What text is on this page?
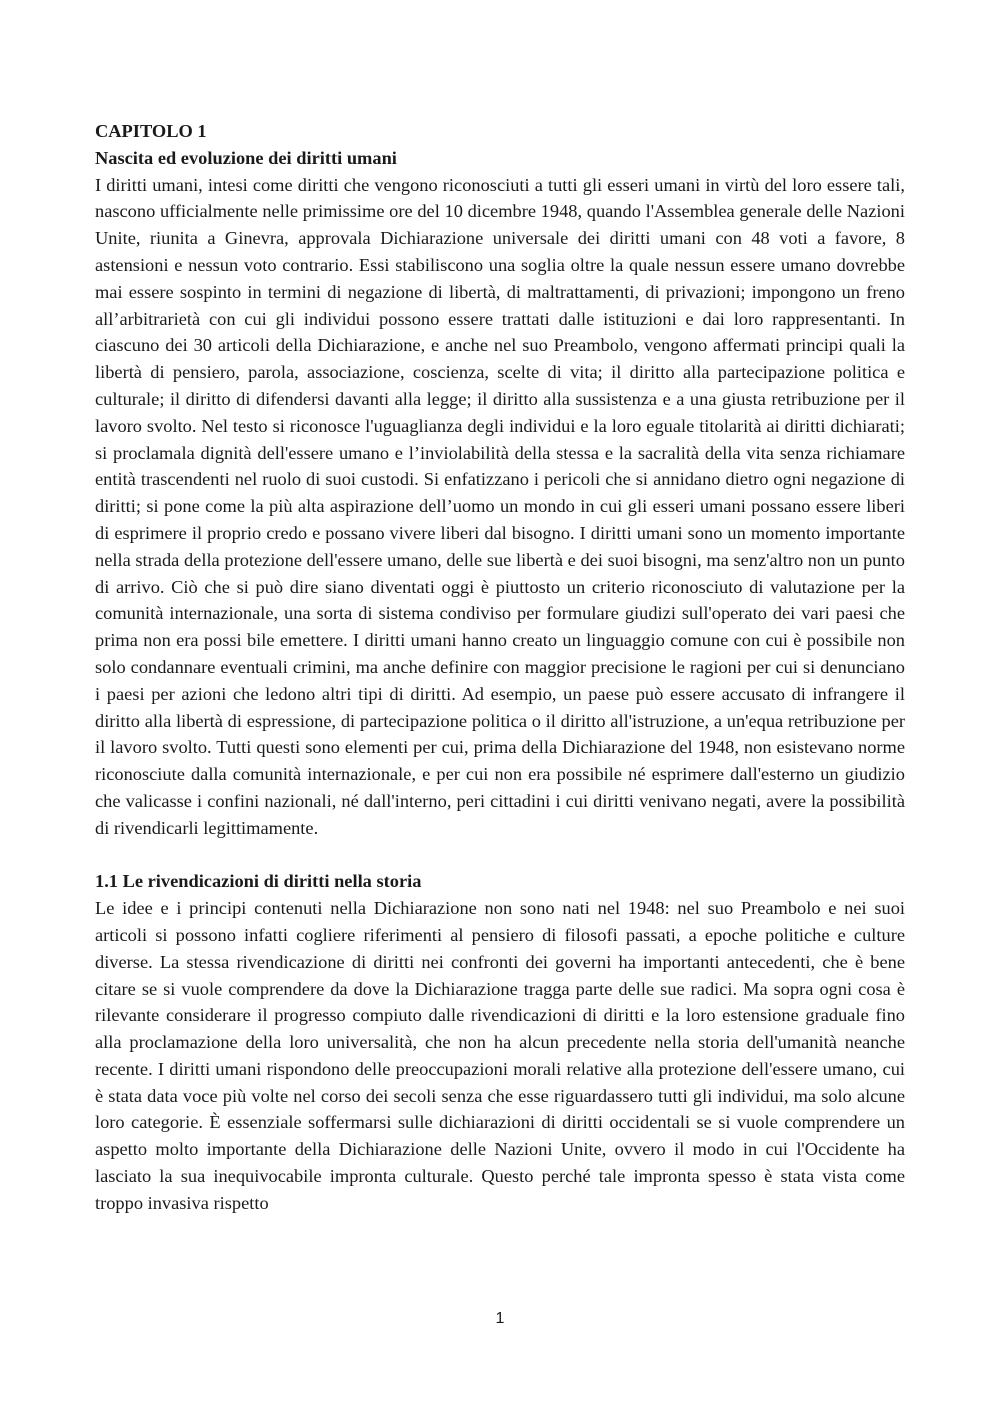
CAPITOLO 1
Nascita ed evoluzione dei diritti umani

I diritti umani, intesi come diritti che vengono riconosciuti a tutti gli esseri umani in virtù del loro essere tali, nascono ufficialmente nelle primissime ore del 10 dicembre 1948, quando l'Assemblea generale delle Nazioni Unite, riunita a Ginevra, approvala Dichiarazione universale dei diritti umani con 48 voti a favore, 8 astensioni e nessun voto contrario. Essi stabiliscono una soglia oltre la quale nessun essere umano dovrebbe mai essere sospinto in termini di negazione di libertà, di maltrattamenti, di privazioni; impongono un freno all’arbitrarietà con cui gli individui possono essere trattati dalle istituzioni e dai loro rappresentanti. In ciascuno dei 30 articoli della Dichiarazione, e anche nel suo Preambolo, vengono affermati principi quali la libertà di pensiero, parola, associazione, coscienza, scelte di vita; il diritto alla partecipazione politica e culturale; il diritto di difendersi davanti alla legge; il diritto alla sussistenza e a una giusta retribuzione per il lavoro svolto. Nel testo si riconosce l'uguaglianza degli individui e la loro eguale titolarità ai diritti dichiarati; si proclamala dignità dell'essere umano e l’inviolabilità della stessa e la sacralità della vita senza richiamare entità trascendenti nel ruolo di suoi custodi. Si enfatizzano i pericoli che si annidano dietro ogni negazione di diritti; si pone come la più alta aspirazione dell’uomo un mondo in cui gli esseri umani possano essere liberi di esprimere il proprio credo e possano vivere liberi dal bisogno. I diritti umani sono un momento importante nella strada della protezione dell'essere umano, delle sue libertà e dei suoi bisogni, ma senz'altro non un punto di arrivo. Ciò che si può dire siano diventati oggi è piuttosto un criterio riconosciuto di valutazione per la comunità internazionale, una sorta di sistema condiviso per formulare giudizi sull'operato dei vari paesi che prima non era possi bile emettere. I diritti umani hanno creato un linguaggio comune con cui è possibile non solo condannare eventuali crimini, ma anche definire con maggior precisione le ragioni per cui si denunciano i paesi per azioni che ledono altri tipi di diritti. Ad esempio, un paese può essere accusato di infrangere il diritto alla libertà di espressione, di partecipazione politica o il diritto all'istruzione, a un'equa retribuzione per il lavoro svolto. Tutti questi sono elementi per cui, prima della Dichiarazione del 1948, non esistevano norme riconosciute dalla comunità internazionale, e per cui non era possibile né esprimere dall'esterno un giudizio che valicasse i confini nazionali, né dall'interno, peri cittadini i cui diritti venivano negati, avere la possibilità di rivendicarli legittimamente.

1.1 Le rivendicazioni di diritti nella storia

Le idee e i principi contenuti nella Dichiarazione non sono nati nel 1948: nel suo Preambolo e nei suoi articoli si possono infatti cogliere riferimenti al pensiero di filosofi passati, a epoche politiche e culture diverse. La stessa rivendicazione di diritti nei confronti dei governi ha importanti antecedenti, che è bene citare se si vuole comprendere da dove la Dichiarazione tragga parte delle sue radici. Ma sopra ogni cosa è rilevante considerare il progresso compiuto dalle rivendicazioni di diritti e la loro estensione graduale fino alla proclamazione della loro universalità, che non ha alcun precedente nella storia dell'umanità neanche recente. I diritti umani rispondono delle preoccupazioni morali relative alla protezione dell'essere umano, cui è stata data voce più volte nel corso dei secoli senza che esse riguardassero tutti gli individui, ma solo alcune loro categorie. È essenziale soffermarsi sulle dichiarazioni di diritti occidentali se si vuole comprendere un aspetto molto importante della Dichiarazione delle Nazioni Unite, ovvero il modo in cui l'Occidente ha lasciato la sua inequivocabile impronta culturale. Questo perché tale impronta spesso è stata vista come troppo invasiva rispetto

1
